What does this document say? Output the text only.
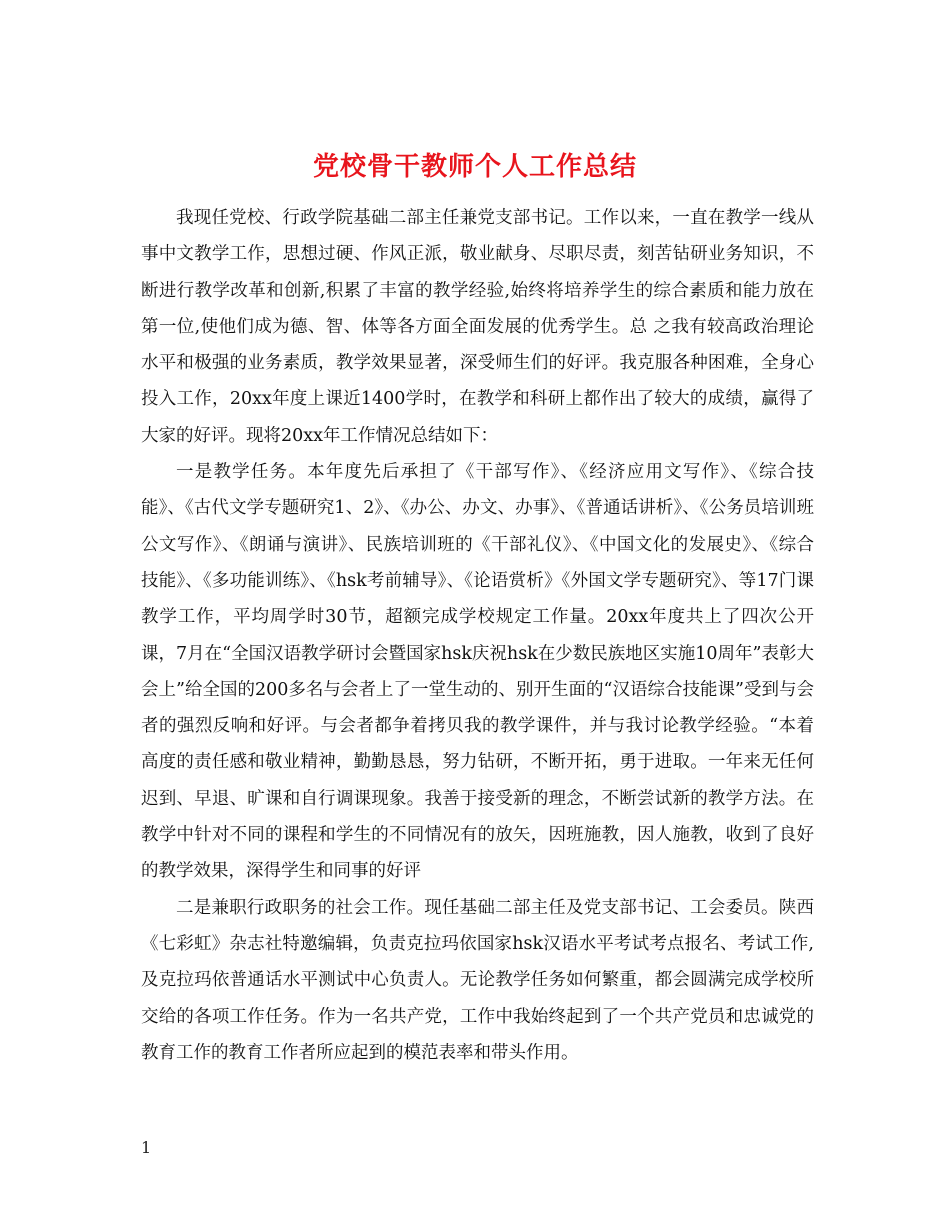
党校骨干教师个人工作总结

我现任党校、行政学院基础二部主任兼党支部书记。工作以来，一直在教学一线从事中文教学工作，思想过硬、作风正派，敬业献身、尽职尽责，刻苦钻研业务知识，不断进行教学改革和创新,积累了丰富的教学经验,始终将培养学生的综合素质和能力放在第一位,使他们成为德、智、体等各方面全面发展的优秀学生。总 之我有较高政治理论水平和极强的业务素质，教学效果显著，深受师生们的好评。我克服各种困难，全身心投入工作，20xx年度上课近1400学时，在教学和科研上都作出了较大的成绩，赢得了大家的好评。现将20xx年工作情况总结如下：

一是教学任务。本年度先后承担了《干部写作》、《经济应用文写作》、《综合技能》、《古代文学专题研究1、2》、《办公、办文、办事》、《普通话讲析》、《公务员培训班公文写作》、《朗诵与演讲》、民族培训班的《干部礼仪》、《中国文化的发展史》、《综合技能》、《多功能训练》、《hsk考前辅导》、《论语赏析》《外国文学专题研究》、等17门课教学工作，平均周学时30节，超额完成学校规定工作量。20xx年度共上了四次公开课，7月在“全国汉语教学研讨会暨国家hsk庆祝hsk在少数民族地区实施10周年”表彰大会上”给全国的200多名与会者上了一堂生动的、别开生面的“汉语综合技能课”受到与会者的强烈反响和好评。与会者都争着拷贝我的教学课件，并与我讨论教学经验。“本着高度的责任感和敬业精神，勤勤恳恳，努力钻研，不断开拓，勇于进取。一年来无任何迟到、早退、旷课和自行调课现象。我善于接受新的理念，不断尝试新的教学方法。在教学中针对不同的课程和学生的不同情况有的放矢，因班施教，因人施教，收到了良好的教学效果，深得学生和同事的好评

二是兼职行政职务的社会工作。现任基础二部主任及党支部书记、工会委员。陕西《七彩虹》杂志社特邀编辑，负责克拉玛依国家hsk汉语水平考试考点报名、考试工作,及克拉玛依普通话水平测试中心负责人。无论教学任务如何繁重，都会圆满完成学校所交给的各项工作任务。作为一名共产党，工作中我始终起到了一个共产党员和忠诚党的教育工作的教育工作者所应起到的模范表率和带头作用。

1
